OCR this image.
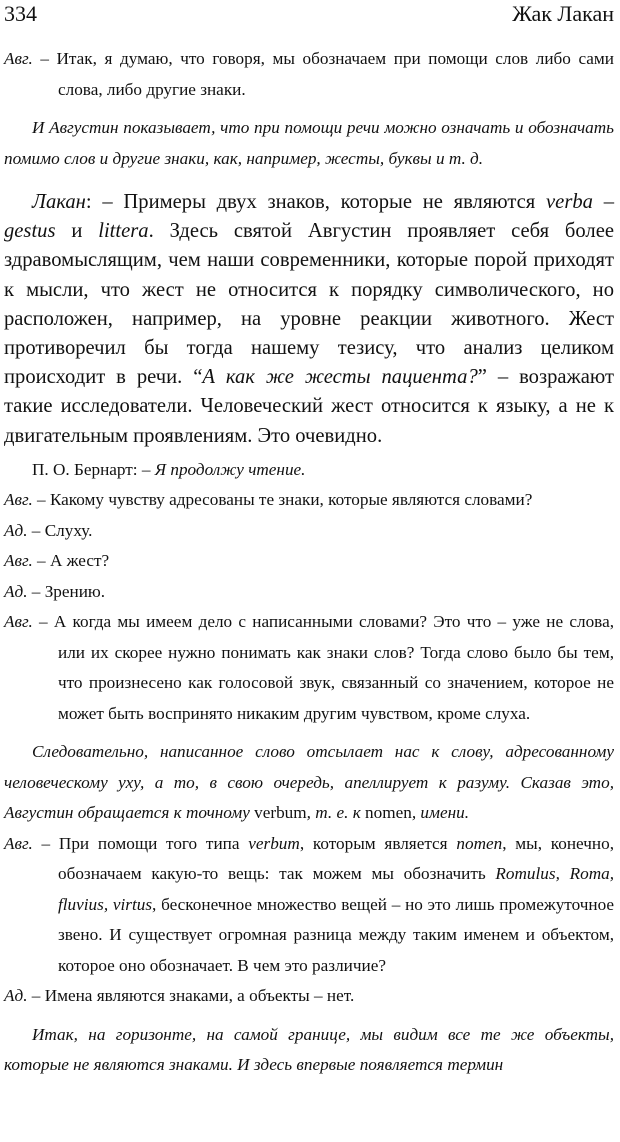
334	Жак Лакан

Авг. – Итак, я думаю, что говоря, мы обозначаем при помощи слов либо сами слова, либо другие знаки.

И Августин показывает, что при помощи речи можно означать и обозначать помимо слов и другие знаки, как, например, жесты, буквы и т. д.

Лакан: – Примеры двух знаков, которые не являются verba – gestus и littera. Здесь святой Августин проявляет себя более здравомыслящим, чем наши современники, которые порой приходят к мысли, что жест не относится к порядку символического, но расположен, например, на уровне реакции животного. Жест противоречил бы тогда нашему тезису, что анализ целиком происходит в речи. “А как же жесты пациента?” – возражают такие исследователи. Человеческий жест относится к языку, а не к двигательным проявлениям. Это очевидно.

П. О. Бернарт: – Я продолжу чтение.

Авг. – Какому чувству адресованы те знаки, которые являются словами?

Ад. – Слуху.

Авг. – А жест?

Ад. – Зрению.

Авг. – А когда мы имеем дело с написанными словами? Это что – уже не слова, или их скорее нужно понимать как знаки слов? Тогда слово было бы тем, что произнесено как голосовой звук, связанный со значением, которое не может быть воспринято никаким другим чувством, кроме слуха.

Следовательно, написанное слово отсылает нас к слову, адресованному человеческому уху, а то, в свою очередь, апеллирует к разуму. Сказав это, Августин обращается к точному verbum, т. е. к nomen, имени.

Авг. – При помощи того типа verbum, которым является nomen, мы, конечно, обозначаем какую-то вещь: так можем мы обозначить Romulus, Roma, fluvius, virtus, бесконечное множество вещей – но это лишь промежуточное звено. И существует огромная разница между таким именем и объектом, которое оно обозначает. В чем это различие?

Ад. – Имена являются знаками, а объекты – нет.

Итак, на горизонте, на самой границе, мы видим все те же объекты, которые не являются знаками. И здесь впервые появляется термин
